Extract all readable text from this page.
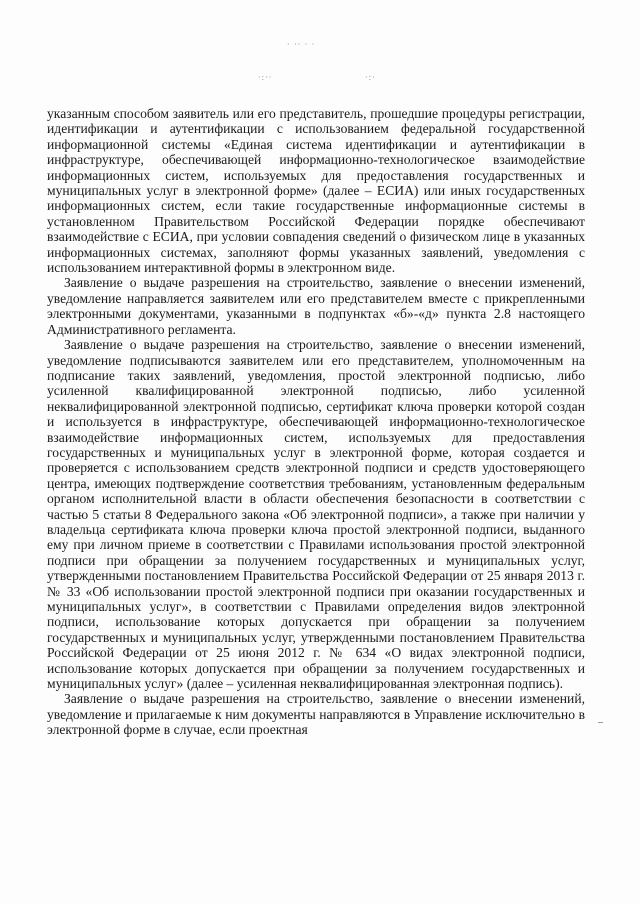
· ·· · ·
·:··	·:·

указанным способом заявитель или его представитель, прошедшие процедуры регистрации, идентификации и аутентификации с использованием федеральной государственной информационной системы «Единая система идентификации и аутентификации в инфраструктуре, обеспечивающей информационно-технологическое взаимодействие информационных систем, используемых для предоставления государственных и муниципальных услуг в электронной форме» (далее – ЕСИА) или иных государственных информационных систем, если такие государственные информационные системы в установленном Правительством Российской Федерации порядке обеспечивают взаимодействие с ЕСИА, при условии совпадения сведений о физическом лице в указанных информационных системах, заполняют формы указанных заявлений, уведомления с использованием интерактивной формы в электронном виде.

Заявление о выдаче разрешения на строительство, заявление о внесении изменений, уведомление направляется заявителем или его представителем вместе с прикрепленными электронными документами, указанными в подпунктах «б»-«д» пункта 2.8 настоящего Административного регламента.

Заявление о выдаче разрешения на строительство, заявление о внесении изменений, уведомление подписываются заявителем или его представителем, уполномоченным на подписание таких заявлений, уведомления, простой электронной подписью, либо усиленной квалифицированной электронной подписью, либо усиленной неквалифицированной электронной подписью, сертификат ключа проверки которой создан и используется в инфраструктуре, обеспечивающей информационно-технологическое взаимодействие информационных систем, используемых для предоставления государственных и муниципальных услуг в электронной форме, которая создается и проверяется с использованием средств электронной подписи и средств удостоверяющего центра, имеющих подтверждение соответствия требованиям, установленным федеральным органом исполнительной власти в области обеспечения безопасности в соответствии с частью 5 статьи 8 Федерального закона «Об электронной подписи», а также при наличии у владельца сертификата ключа проверки ключа простой электронной подписи, выданного ему при личном приеме в соответствии с Правилами использования простой электронной подписи при обращении за получением государственных и муниципальных услуг, утвержденными постановлением Правительства Российской Федерации от 25 января 2013 г. № 33 «Об использовании простой электронной подписи при оказании государственных и муниципальных услуг», в соответствии с Правилами определения видов электронной подписи, использование которых допускается при обращении за получением государственных и муниципальных услуг, утвержденными постановлением Правительства Российской Федерации от 25 июня 2012 г. № 634 «О видах электронной подписи, использование которых допускается при обращении за получением государственных и муниципальных услуг» (далее – усиленная неквалифицированная электронная подпись).

Заявление о выдаче разрешения на строительство, заявление о внесении изменений, уведомление и прилагаемые к ним документы направляются в Управление исключительно в электронной форме в случае, если проектная
